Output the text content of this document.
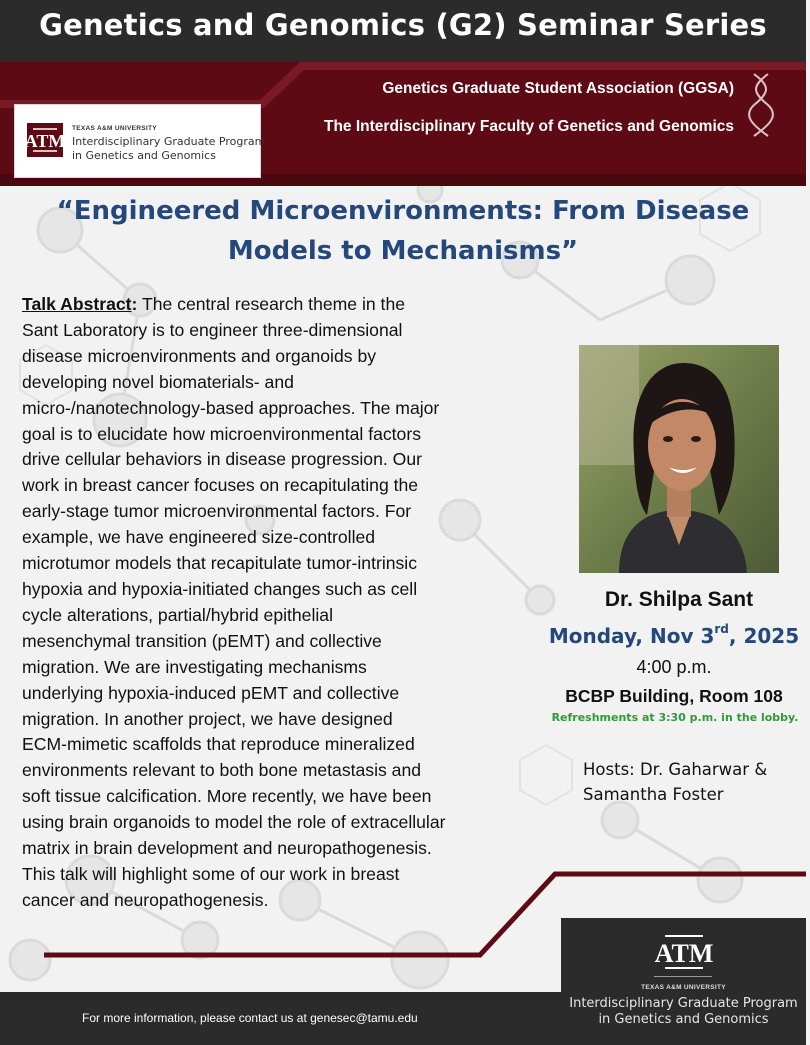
Genetics and Genomics (G2) Seminar Series
Genetics Graduate Student Association (GGSA)
The Interdisciplinary Faculty of Genetics and Genomics
ATM
TEXAS A&M UNIVERSITY
Interdisciplinary Graduate Program
in Genetics and Genomics
“Engineered Microenvironments: From Disease
Models to Mechanisms”
Talk Abstract: The central research theme in the
Sant Laboratory is to engineer three-dimensional
disease microenvironments and organoids by
developing novel biomaterials- and
micro-/nanotechnology-based approaches. The major
goal is to elucidate how microenvironmental factors
drive cellular behaviors in disease progression. Our
work in breast cancer focuses on recapitulating the
early-stage tumor microenvironmental factors. For
example, we have engineered size-controlled
microtumor models that recapitulate tumor-intrinsic
hypoxia and hypoxia-initiated changes such as cell
cycle alterations, partial/hybrid epithelial
mesenchymal transition (pEMT) and collective
migration. We are investigating mechanisms
underlying hypoxia-induced pEMT and collective
migration. In another project, we have designed
ECM-mimetic scaffolds that reproduce mineralized
environments relevant to both bone metastasis and
soft tissue calcification. More recently, we have been
using brain organoids to model the role of extracellular
matrix in brain development and neuropathogenesis.
This talk will highlight some of our work in breast
cancer and neuropathogenesis.
Dr. Shilpa Sant
Monday, Nov 3rd, 2025
4:00 p.m.
BCBP Building, Room 108
Refreshments at 3:30 p.m. in the lobby.
Hosts: Dr. Gaharwar &
Samantha Foster
For more information, please contact us at genesec@tamu.edu
ATM
TEXAS A&M UNIVERSITY
Interdisciplinary Graduate Program
in Genetics and Genomics
